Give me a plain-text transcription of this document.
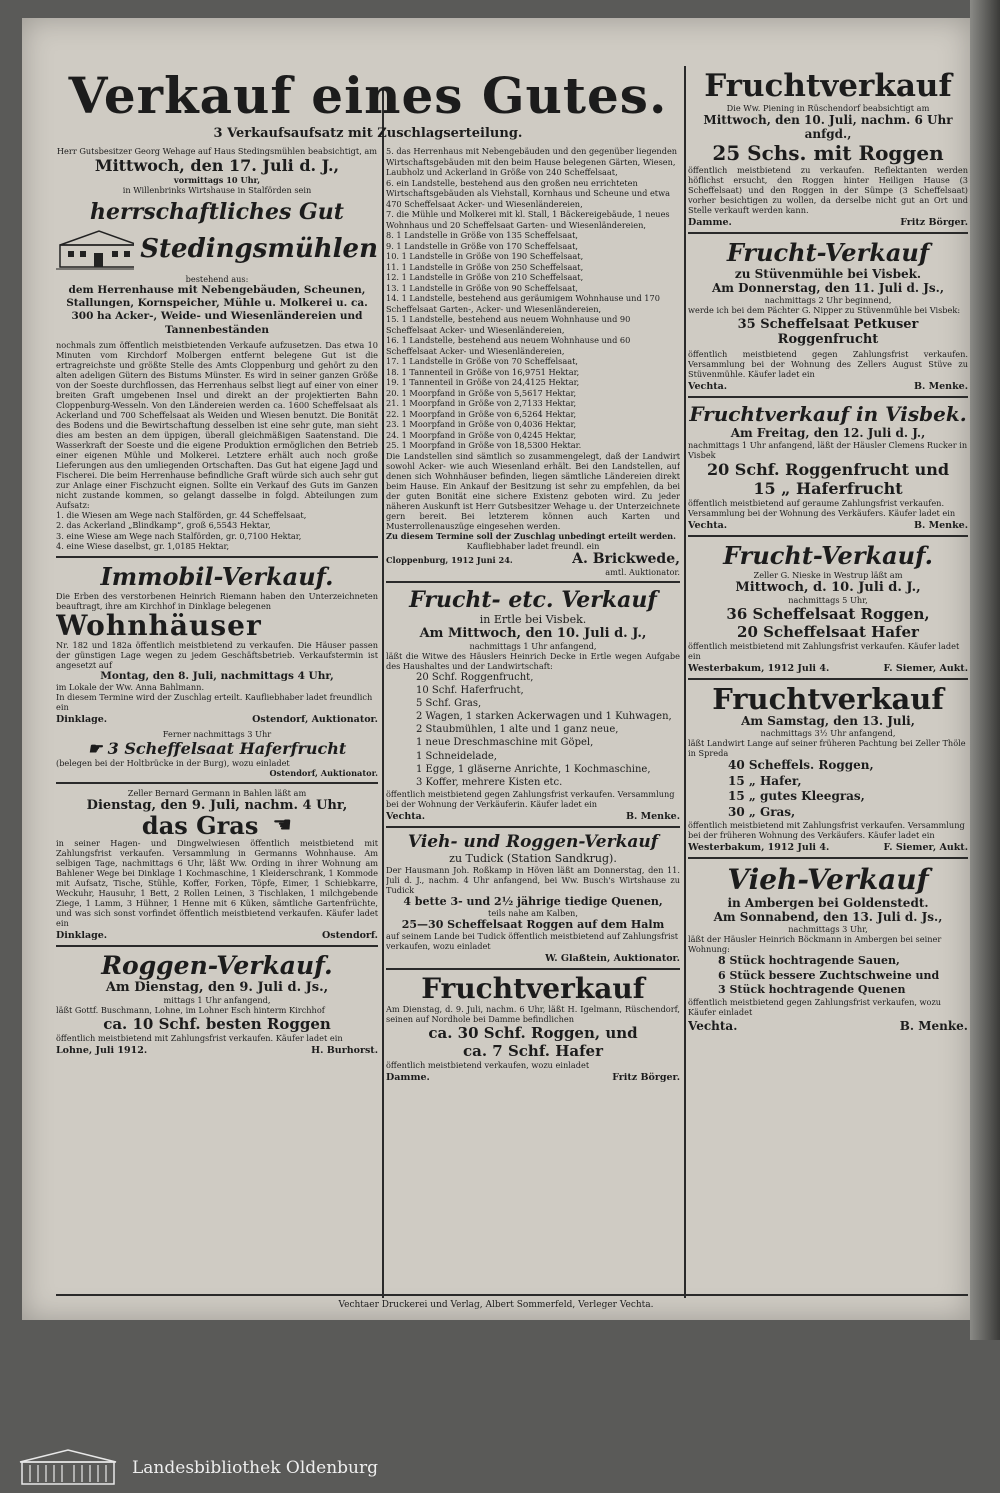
Verkauf eines Gutes.
3 Verkaufsaufsatz mit Zuschlagserteilung.
Herr Gutsbesitzer Georg Wehage auf Haus Stedingsmühlen beabsichtigt, am
Mittwoch, den 17. Juli d. J.,
vormittags 10 Uhr,
in Willenbrinks Wirtshause in Stalförden sein
herrschaftliches Gut
Stedingsmühlen
bestehend aus:
dem Herrenhause mit Nebengebäuden, Scheunen, Stallungen, Kornspeicher, Mühle u. Molkerei u. ca. 300 ha Acker-, Weide- und Wiesenländereien und Tannenbeständen
nochmals zum öffentlich meistbietenden Verkaufe aufzusetzen. Das etwa 10 Minuten vom Kirchdorf Molbergen entfernt belegene Gut ist die ertragreichste und größte Stelle des Amts Cloppenburg und gehört zu den alten adeligen Gütern des Bistums Münster. Es wird in seiner ganzen Größe von der Soeste durchflossen, das Herrenhaus selbst liegt auf einer von einer breiten Graft umgebenen Insel und direkt an der projektierten Bahn Cloppenburg-Wesseln. Von den Ländereien werden ca. 1600 Scheffelsaat als Ackerland und 700 Scheffelsaat als Weiden und Wiesen benutzt. Die Bonität des Bodens und die Bewirtschaftung desselben ist eine sehr gute, man sieht dies am besten an dem üppigen, überall gleichmäßigen Saatenstand. Die Wasserkraft der Soeste und die eigene Produktion ermöglichen den Betrieb einer eigenen Mühle und Molkerei. Letztere erhält auch noch große Lieferungen aus den umliegenden Ortschaften. Das Gut hat eigene Jagd und Fischerei. Die beim Herrenhause befindliche Graft würde sich auch sehr gut zur Anlage einer Fischzucht eignen. Sollte ein Verkauf des Guts im Ganzen nicht zustande kommen, so gelangt dasselbe in folgd. Abteilungen zum Aufsatz:
1. die Wiesen am Wege nach Stalförden, gr. 44 Scheffelsaat,
2. das Ackerland „Blindkamp“, groß 6,5543 Hektar,
3. eine Wiese am Wege nach Stalförden, gr. 0,7100 Hektar,
4. eine Wiese daselbst, gr. 1,0185 Hektar,
Immobil-Verkauf.
Die Erben des verstorbenen Heinrich Riemann haben den Unterzeichneten beauftragt, ihre am Kirchhof in Dinklage belegenen
Wohnhäuser
Nr. 182 und 182a öffentlich meistbietend zu verkaufen. Die Häuser passen der günstigen Lage wegen zu jedem Geschäftsbetrieb. Verkaufstermin ist angesetzt auf
Montag, den 8. Juli, nachmittags 4 Uhr,
im Lokale der Ww. Anna Bahlmann.
In diesem Termine wird der Zuschlag erteilt. Kaufliebhaber ladet freundlich ein
Dinklage.	Ostendorf, Auktionator.
Ferner nachmittags 3 Uhr
☛ 3 Scheffelsaat Haferfrucht
(belegen bei der Holtbrücke in der Burg), wozu einladet
Ostendorf, Auktionator.
Zeller Bernard Germann in Bahlen läßt am
Dienstag, den 9. Juli, nachm. 4 Uhr,
das Gras ☚
in seiner Hagen- und Dingwelwiesen öffentlich meistbietend mit Zahlungsfrist verkaufen. Versammlung in Germanns Wohnhause. Am selbigen Tage, nachmittags 6 Uhr, läßt Ww. Ording in ihrer Wohnung am Bahlener Wege bei Dinklage 1 Kochmaschine, 1 Kleiderschrank, 1 Kommode mit Aufsatz, Tische, Stühle, Koffer, Forken, Töpfe, Eimer, 1 Schiebkarre, Weckuhr, Hausuhr, 1 Bett, 2 Rollen Leinen, 3 Tischlaken, 1 milchgebende Ziege, 1 Lamm, 3 Hühner, 1 Henne mit 6 Küken, sämtliche Gartenfrüchte, und was sich sonst vorfindet öffentlich meistbietend verkaufen. Käufer ladet ein
Dinklage.	Ostendorf.
Roggen-Verkauf.
Am Dienstag, den 9. Juli d. Js.,
mittags 1 Uhr anfangend,
läßt Gottf. Buschmann, Lohne, im Lohner Esch hinterm Kirchhof
ca. 10 Schf. besten Roggen
öffentlich meistbietend mit Zahlungsfrist verkaufen. Käufer ladet ein
Lohne, Juli 1912.	H. Burhorst.
5. das Herrenhaus mit Nebengebäuden und den gegenüber liegenden Wirtschaftsgebäuden mit den beim Hause belegenen Gärten, Wiesen, Laubholz und Ackerland in Größe von 240 Scheffelsaat,
6. ein Landstelle, bestehend aus den großen neu errichteten Wirtschaftsgebäuden als Viehstall, Kornhaus und Scheune und etwa 470 Scheffelsaat Acker- und Wiesenländereien,
7. die Mühle und Molkerei mit kl. Stall, 1 Bäckereigebäude, 1 neues Wohnhaus und 20 Scheffelsaat Garten- und Wiesenländereien,
8. 1 Landstelle in Größe von 135 Scheffelsaat,
9. 1 Landstelle in Größe von 170 Scheffelsaat,
10. 1 Landstelle in Größe von 190 Scheffelsaat,
11. 1 Landstelle in Größe von 250 Scheffelsaat,
12. 1 Landstelle in Größe von 210 Scheffelsaat,
13. 1 Landstelle in Größe von 90 Scheffelsaat,
14. 1 Landstelle, bestehend aus geräumigem Wohnhause und 170 Scheffelsaat Garten-, Acker- und Wiesenländereien,
15. 1 Landstelle, bestehend aus neuem Wohnhause und 90 Scheffelsaat Acker- und Wiesenländereien,
16. 1 Landstelle, bestehend aus neuem Wohnhause und 60 Scheffelsaat Acker- und Wiesenländereien,
17. 1 Landstelle in Größe von 70 Scheffelsaat,
18. 1 Tannenteil in Größe von 16,9751 Hektar,
19. 1 Tannenteil in Größe von 24,4125 Hektar,
20. 1 Moorpfand in Größe von 5,5617 Hektar,
21. 1 Moorpfand in Größe von 2,7133 Hektar,
22. 1 Moorpfand in Größe von 6,5264 Hektar,
23. 1 Moorpfand in Größe von 0,4036 Hektar,
24. 1 Moorpfand in Größe von 0,4245 Hektar,
25. 1 Moorpfand in Größe von 18,5300 Hektar.
Die Landstellen sind sämtlich so zusammengelegt, daß der Landwirt sowohl Acker- wie auch Wiesenland erhält. Bei den Landstellen, auf denen sich Wohnhäuser befinden, liegen sämtliche Ländereien direkt beim Hause. Ein Ankauf der Besitzung ist sehr zu empfehlen, da bei der guten Bonität eine sichere Existenz geboten wird. Zu jeder näheren Auskunft ist Herr Gutsbesitzer Wehage u. der Unterzeichnete gern bereit. Bei letzterem können auch Karten und Musterrollenauszüge eingesehen werden.
Zu diesem Termine soll der Zuschlag unbedingt erteilt werden.
Kaufliebhaber ladet freundl. ein
Cloppenburg, 1912 Juni 24.	A. Brickwede,
amtl. Auktionator.
Frucht- etc. Verkauf
in Ertle bei Visbek.
Am Mittwoch, den 10. Juli d. J.,
nachmittags 1 Uhr anfangend,
läßt die Witwe des Häuslers Heinrich Decke in Ertle wegen Aufgabe des Haushaltes und der Landwirtschaft:
20 Schf. Roggenfrucht,
10 Schf. Haferfrucht,
5 Schf. Gras,
2 Wagen, 1 starken Ackerwagen und 1 Kuhwagen,
2 Staubmühlen, 1 alte und 1 ganz neue,
1 neue Dreschmaschine mit Göpel,
1 Schneidelade,
1 Egge, 1 gläserne Anrichte, 1 Kochmaschine,
3 Koffer, mehrere Kisten etc.
öffentlich meistbietend gegen Zahlungsfrist verkaufen. Versammlung bei der Wohnung der Verkäuferin. Käufer ladet ein
Vechta.	B. Menke.
Vieh- und Roggen-Verkauf
zu Tudick (Station Sandkrug).
Der Hausmann Joh. Roßkamp in Höven läßt am Donnerstag, den 11. Juli d. J., nachm. 4 Uhr anfangend, bei Ww. Busch's Wirtshause zu Tudick
4 bette 3- und 2½ jährige tiedige Quenen,
teils nahe am Kalben,
25—30 Scheffelsaat Roggen auf dem Halm
auf seinem Lande bei Tudick öffentlich meistbietend auf Zahlungsfrist verkaufen, wozu einladet
W. Glaßtein, Auktionator.
Fruchtverkauf
Am Dienstag, d. 9. Juli, nachm. 6 Uhr, läßt H. Igelmann, Rüschendorf, seinen auf Nordhole bei Damme befindlichen
ca. 30 Schf. Roggen, und
ca. 7 Schf. Hafer
öffentlich meistbietend verkaufen, wozu einladet
Damme.	Fritz Börger.
Fruchtverkauf
Die Ww. Piening in Rüschendorf beabsichtigt am
Mittwoch, den 10. Juli, nachm. 6 Uhr anfgd.,
25 Schs. mit Roggen
öffentlich meistbietend zu verkaufen. Reflektanten werden höflichst ersucht, den Roggen hinter Heiligen Hause (3 Scheffelsaat) und den Roggen in der Sümpe (3 Scheffelsaat) vorher besichtigen zu wollen, da derselbe nicht gut an Ort und Stelle verkauft werden kann.
Damme.	Fritz Börger.
Frucht-Verkauf
zu Stüvenmühle bei Visbek.
Am Donnerstag, den 11. Juli d. Js.,
nachmittags 2 Uhr beginnend,
werde ich bei dem Pächter G. Nipper zu Stüvenmühle bei Visbek:
35 Scheffelsaat Petkuser Roggenfrucht
öffentlich meistbietend gegen Zahlungsfrist verkaufen. Versammlung bei der Wohnung des Zellers August Stüve zu Stüvenmühle. Käufer ladet ein
Vechta.	B. Menke.
Fruchtverkauf in Visbek.
Am Freitag, den 12. Juli d. J.,
nachmittags 1 Uhr anfangend, läßt der Häusler Clemens Rucker in Visbek
20 Schf. Roggenfrucht und
15 „ Haferfrucht
öffentlich meistbietend auf geraume Zahlungsfrist verkaufen. Versammlung bei der Wohnung des Verkäufers. Käufer ladet ein
Vechta.	B. Menke.
Frucht-Verkauf.
Zeller G. Nieske in Westrup läßt am
Mittwoch, d. 10. Juli d. J.,
nachmittags 5 Uhr,
36 Scheffelsaat Roggen,
20 Scheffelsaat Hafer
öffentlich meistbietend mit Zahlungsfrist verkaufen. Käufer ladet ein
Westerbakum, 1912 Juli 4.	F. Siemer, Aukt.
Fruchtverkauf
Am Samstag, den 13. Juli,
nachmittags 3½ Uhr anfangend,
läßt Landwirt Lange auf seiner früheren Pachtung bei Zeller Thöle in Spreda
40 Scheffels. Roggen,
15 „ Hafer,
15 „ gutes Kleegras,
30 „ Gras,
öffentlich meistbietend mit Zahlungsfrist verkaufen. Versammlung bei der früheren Wohnung des Verkäufers. Käufer ladet ein
Westerbakum, 1912 Juli 4.	F. Siemer, Aukt.
Vieh-Verkauf
in Ambergen bei Goldenstedt.
Am Sonnabend, den 13. Juli d. Js.,
nachmittags 3 Uhr,
läßt der Häusler Heinrich Böckmann in Ambergen bei seiner Wohnung:
8 Stück hochtragende Sauen,
6 Stück bessere Zuchtschweine und
3 Stück hochtragende Quenen
öffentlich meistbietend gegen Zahlungsfrist verkaufen, wozu Käufer einladet
Vechta.	B. Menke.
Vechtaer Druckerei und Verlag, Albert Sommerfeld, Verleger Vechta.
Landesbibliothek Oldenburg
